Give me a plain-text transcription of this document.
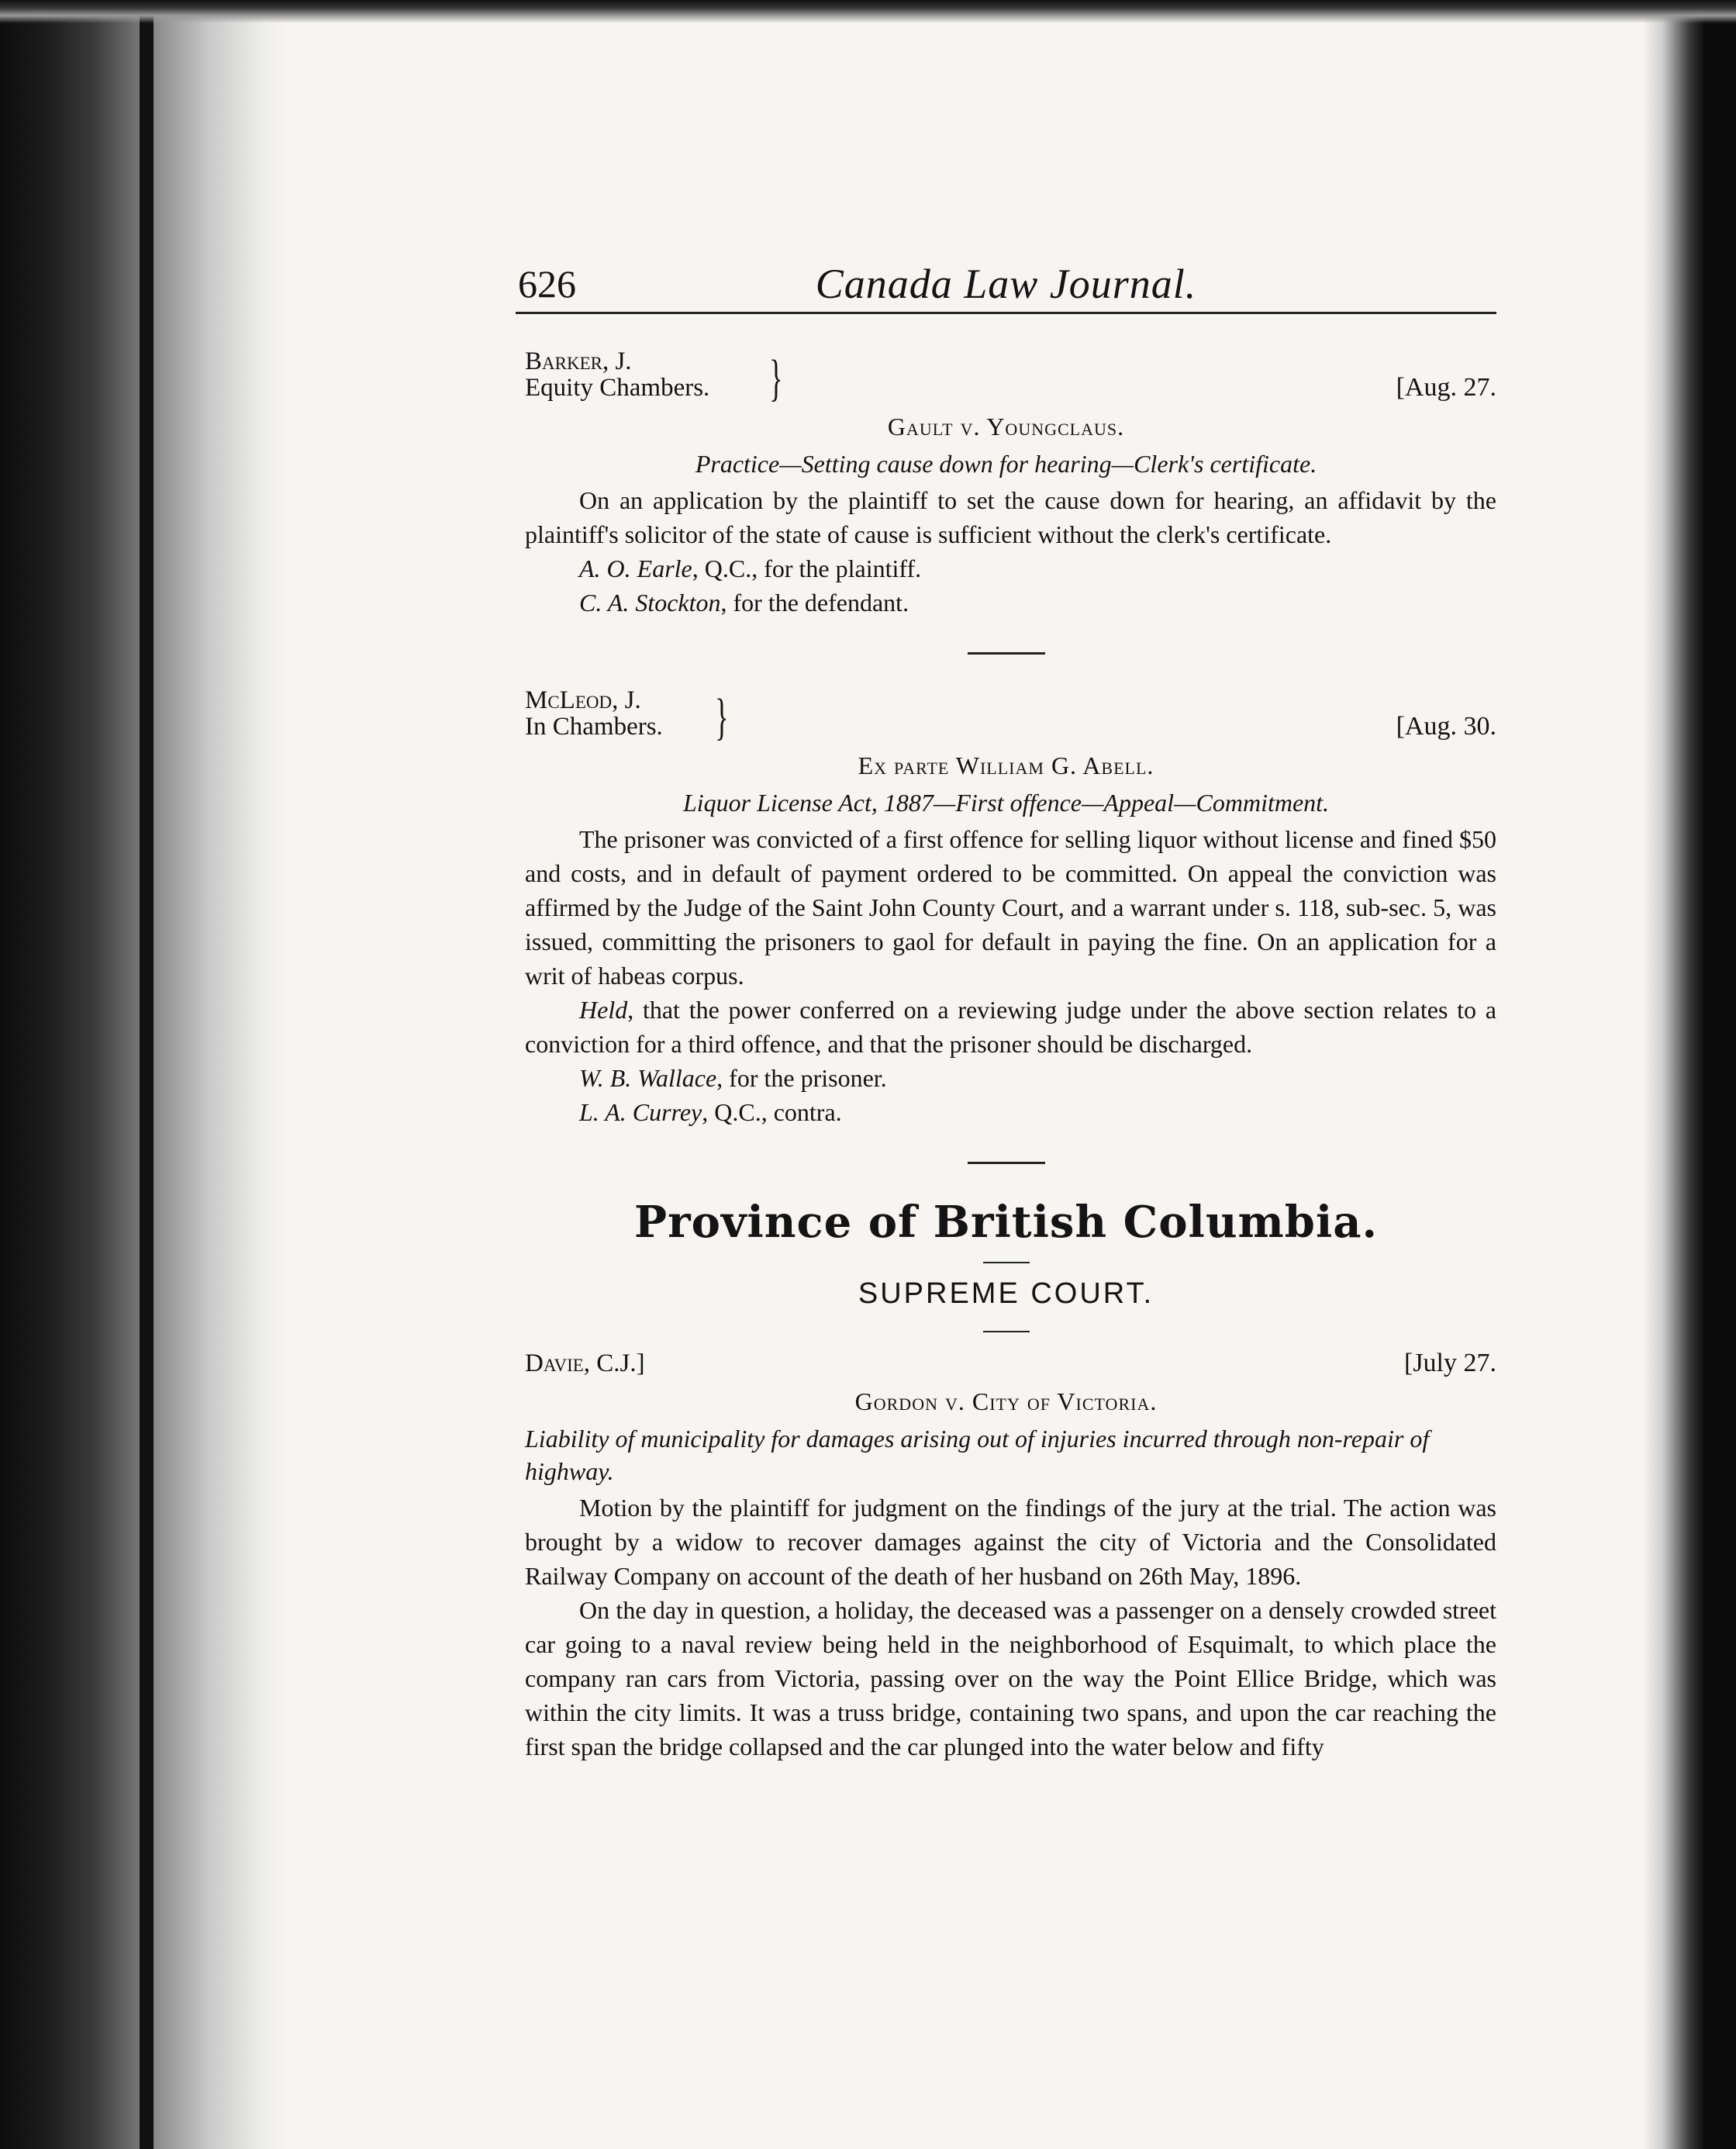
626	Canada Law Journal.
Barker, J.
Equity Chambers. }	[Aug. 27.
Gault v. Youngclaus.
Practice—Setting cause down for hearing—Clerk's certificate.

On an application by the plaintiff to set the cause down for hearing, an affidavit by the plaintiff's solicitor of the state of cause is sufficient without the clerk's certificate.

A. O. Earle, Q.C., for the plaintiff.
C. A. Stockton, for the defendant.
McLeod, J.
In Chambers. }	[Aug. 30.
Ex parte William G. Abell.
Liquor License Act, 1887—First offence—Appeal—Commitment.

The prisoner was convicted of a first offence for selling liquor without license and fined $50 and costs, and in default of payment ordered to be committed. On appeal the conviction was affirmed by the Judge of the Saint John County Court, and a warrant under s. 118, sub-sec. 5, was issued, committing the prisoners to gaol for default in paying the fine. On an application for a writ of habeas corpus.

Held, that the power conferred on a reviewing judge under the above section relates to a conviction for a third offence, and that the prisoner should be discharged.

W. B. Wallace, for the prisoner.
L. A. Currey, Q.C., contra.
Province of British Columbia.
SUPREME COURT.
Davie, C.J.]	[July 27.
Gordon v. City of Victoria.
Liability of municipality for damages arising out of injuries incurred through non-repair of highway.

Motion by the plaintiff for judgment on the findings of the jury at the trial. The action was brought by a widow to recover damages against the city of Victoria and the Consolidated Railway Company on account of the death of her husband on 26th May, 1896.

On the day in question, a holiday, the deceased was a passenger on a densely crowded street car going to a naval review being held in the neighborhood of Esquimalt, to which place the company ran cars from Victoria, passing over on the way the Point Ellice Bridge, which was within the city limits. It was a truss bridge, containing two spans, and upon the car reaching the first span the bridge collapsed and the car plunged into the water below and fifty
